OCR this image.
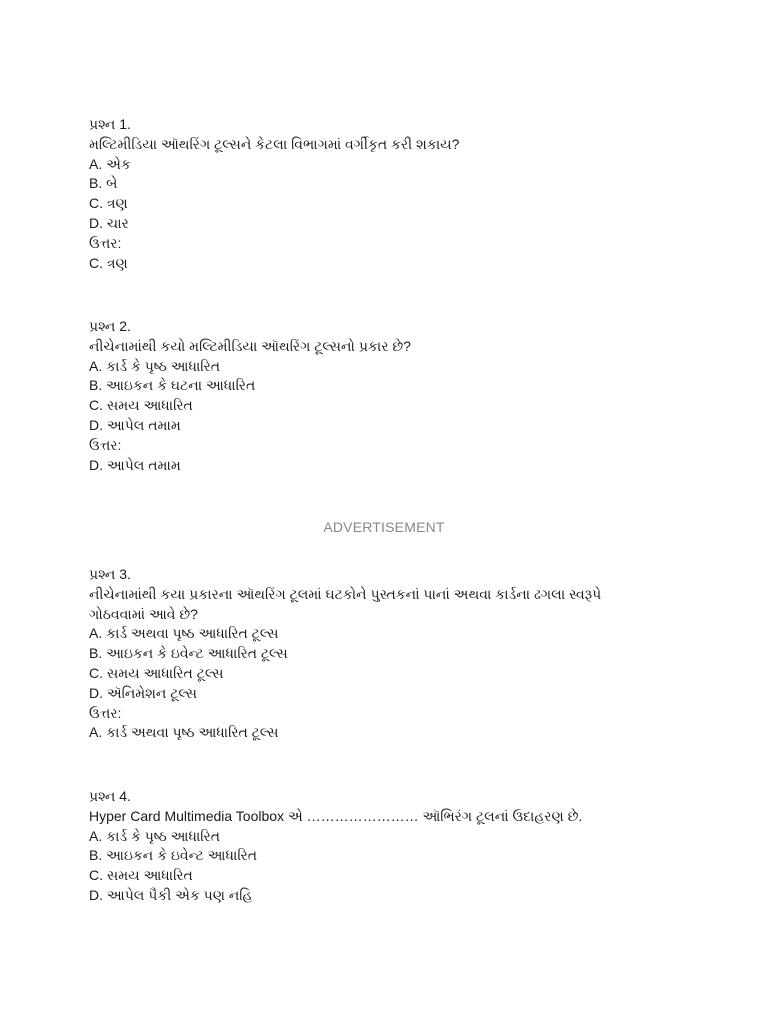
પ્રશ્ન 1.
મલ્ટિમીડિયા ઑથરિંગ ટૂલ્સને કેટલા વિભાગમાં વર્ગીકૃત કરી શકાય?
A. એક
B. બે
C. ત્રણ
D. ચાર
ઉત્તર:
C. ત્રણ
પ્રશ્ન 2.
નીચેનામાંથી કયો મલ્ટિમીડિયા ઑથરિંગ ટૂલ્સનો પ્રકાર છે?
A. કાર્ડ કે પૃષ્ઠ આધારિત
B. આઇકન કે ઘટના આધારિત
C. સમય આધારિત
D. આપેલ તમામ
ઉત્તર:
D. આપેલ તમામ
ADVERTISEMENT
પ્રશ્ન 3.
નીચેનામાંથી કયા પ્રકારના ઑથરિંગ ટૂલમાં ઘટકોને પુસ્તકનાં પાનાં અથવા કાર્ડના ઢગલા સ્વરૂપે ગોઠવવામાં આવે છે?
A. કાર્ડ અથવા પૃષ્ઠ આધારિત ટૂલ્સ
B. આઇકન કે ઇવેન્ટ આધારિત ટૂલ્સ
C. સમય આધારિત ટૂલ્સ
D. ઍનિમેશન ટૂલ્સ
ઉત્તર:
A. કાર્ડ અથવા પૃષ્ઠ આધારિત ટૂલ્સ
પ્રશ્ન 4.
Hyper Card Multimedia Toolbox એ …………………… ઑભિરંગ ટૂલનાં ઉદાહરણ છે.
A. કાર્ડ કે પૃષ્ઠ આધારિત
B. આઇકન કે ઇવેન્ટ આધારિત
C. સમય આધારિત
D. આપેલ પૈકી એક પણ નહિ
